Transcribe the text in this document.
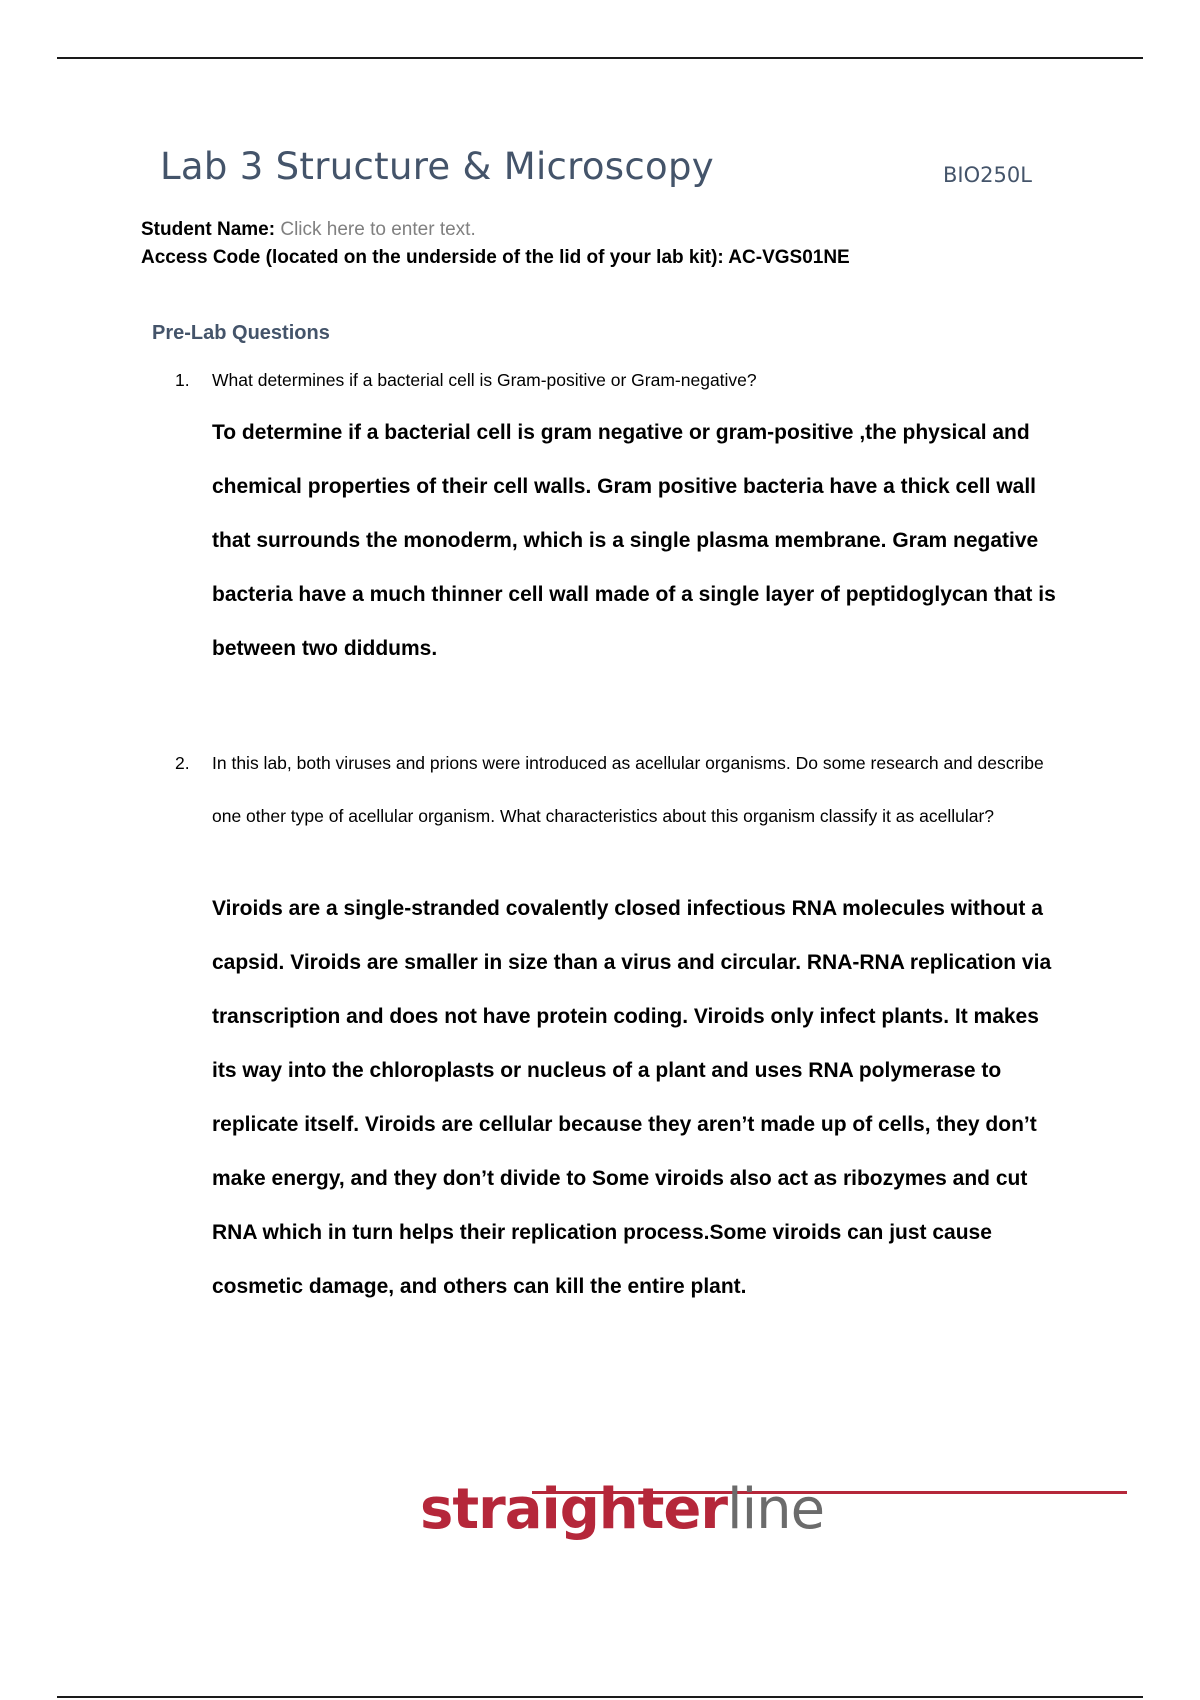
Lab 3 Structure & Microscopy	BIO250L
Student Name: Click here to enter text.
Access Code (located on the underside of the lid of your lab kit): AC-VGS01NE
Pre-Lab Questions
1. What determines if a bacterial cell is Gram-positive or Gram-negative?
To determine if a bacterial cell is gram negative or gram-positive ,the physical and chemical properties of their cell walls. Gram positive bacteria have a thick cell wall that surrounds the monoderm, which is a single plasma membrane. Gram negative bacteria have a much thinner cell wall made of a single layer of peptidoglycan that is between two diddums.
2. In this lab, both viruses and prions were introduced as acellular organisms. Do some research and describe one other type of acellular organism. What characteristics about this organism classify it as acellular?
Viroids are a single-stranded covalently closed infectious RNA molecules without a capsid. Viroids are smaller in size than a virus and circular. RNA-RNA replication via transcription and does not have protein coding. Viroids only infect plants. It makes its way into the chloroplasts or nucleus of a plant and uses RNA polymerase to replicate itself. Viroids are cellular because they aren’t made up of cells, they don’t make energy, and they don’t divide to Some viroids also act as ribozymes and cut RNA which in turn helps their replication process.Some viroids can just cause cosmetic damage, and others can kill the entire plant.
straighterline
